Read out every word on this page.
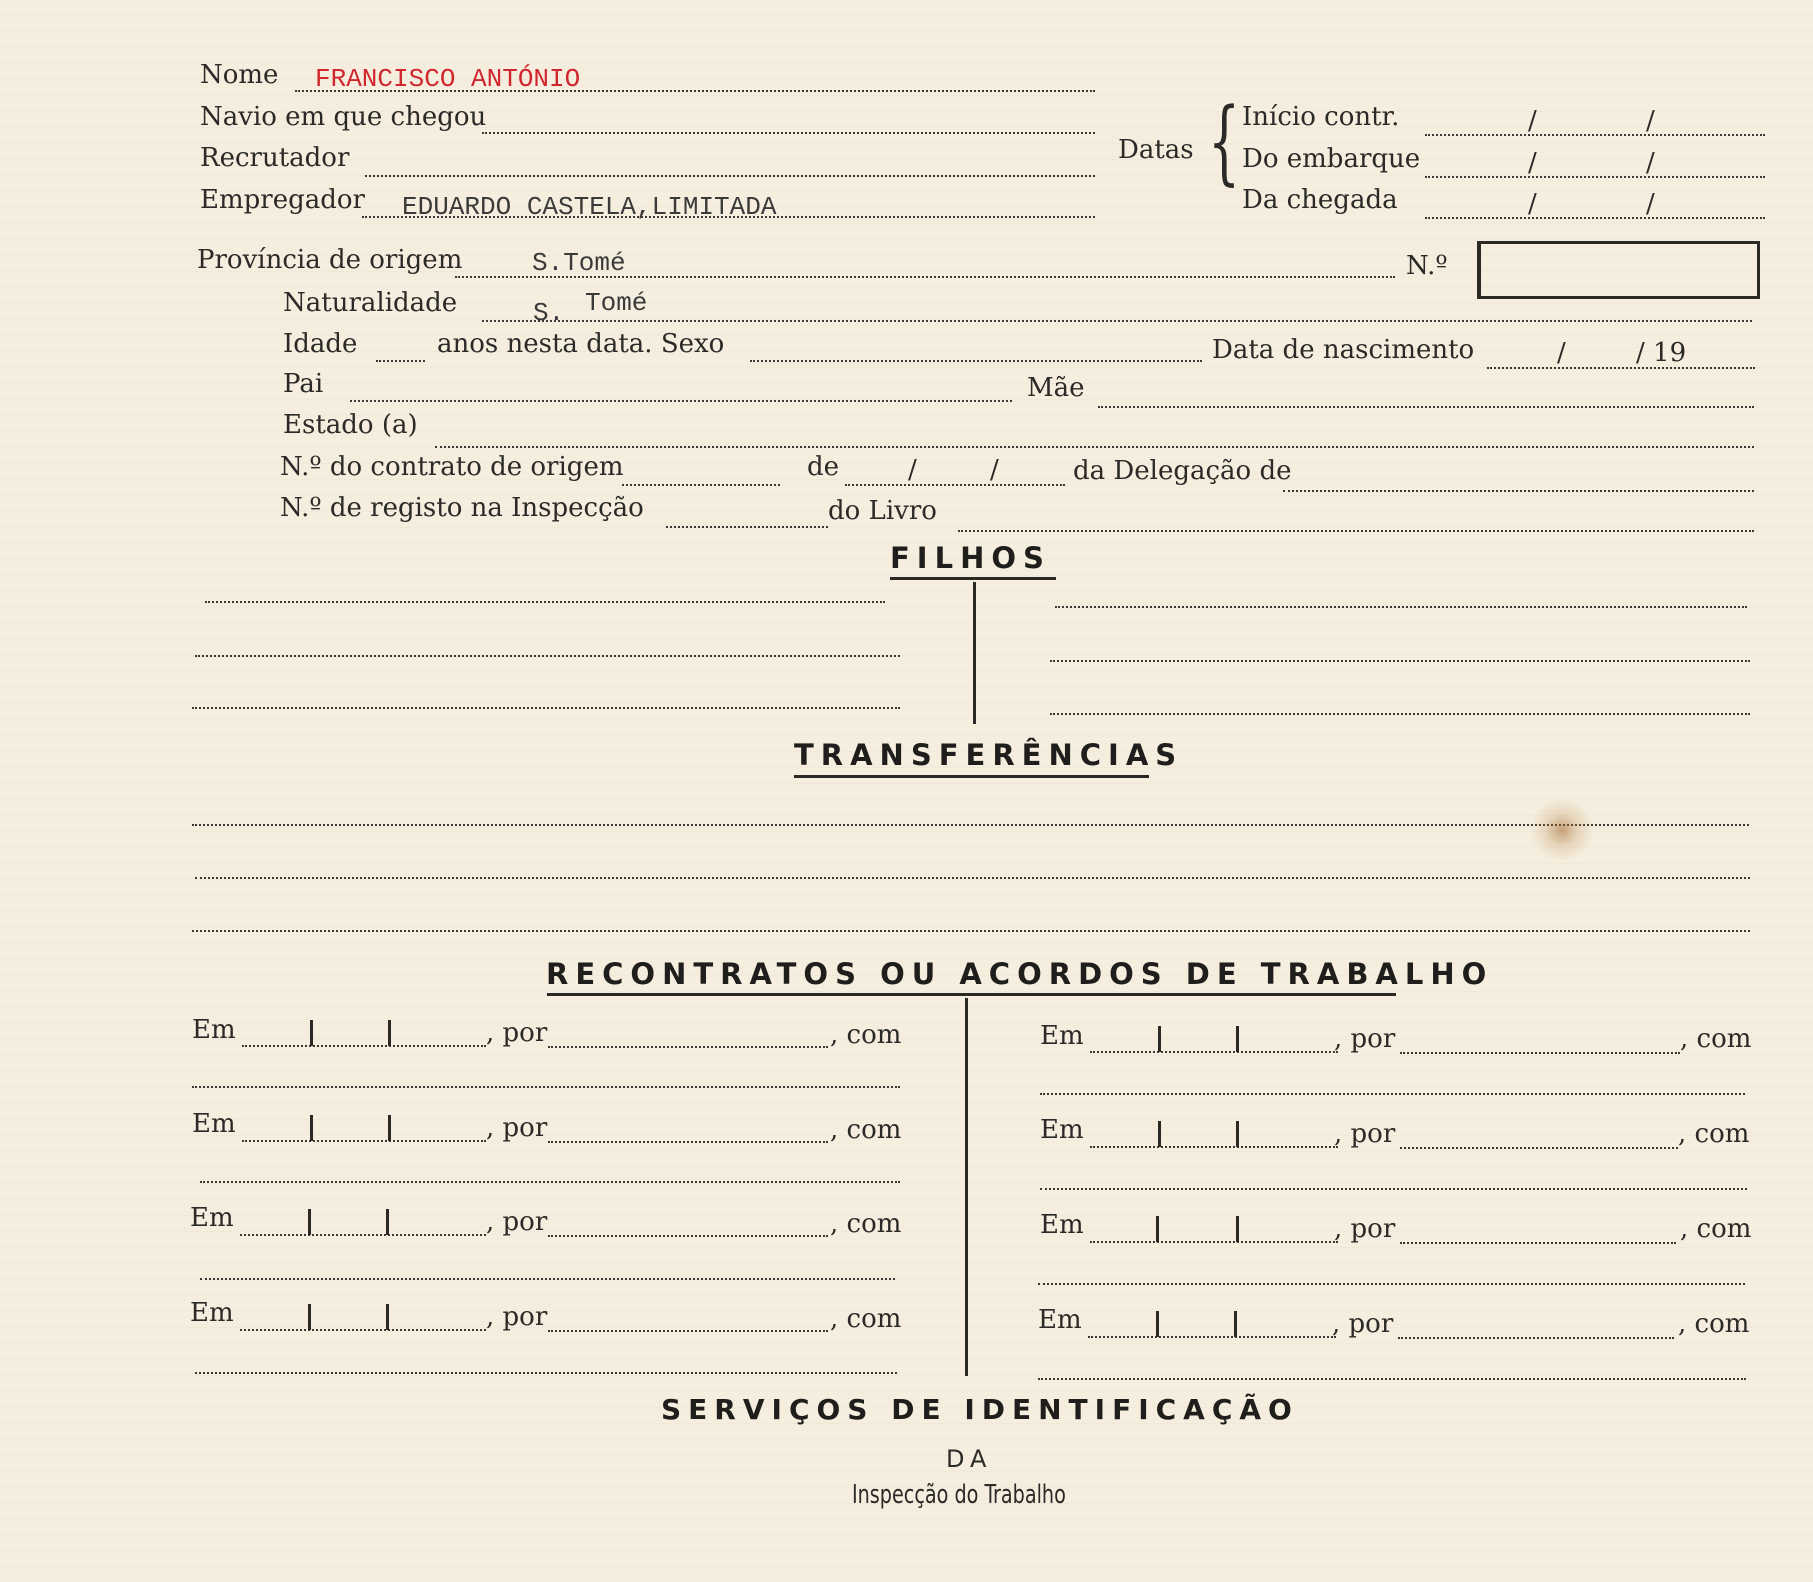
Nome FRANCISCO ANTÓNIO
Navio em que chegou
Recrutador
Empregador EDUARDO CASTELA,LIMITADA
Datas { Início contr.	/	/
Do embarque	/	/
Da chegada	/	/
Província de origem	S.Tomé	N.º
Naturalidade	S. Tomé
Idade	anos nesta data. Sexo	Data de nascimento	/	/ 19
Pai	Mãe
Estado (a)
N.º do contrato de origem	de	/	/	da Delegação de
N.º de registo na Inspecção	do Livro
FILHOS
TRANSFERÊNCIAS
RECONTRATOS OU ACORDOS DE TRABALHO
Em	, por	, com
Em	, por	, com
Em	, por	, com
Em	, por	, com
Em	, por	, com
Em	, por	, com
Em	, por	, com
Em	, por	, com
SERVIÇOS DE IDENTIFICAÇÃO
DA
Inspecção do Trabalho
